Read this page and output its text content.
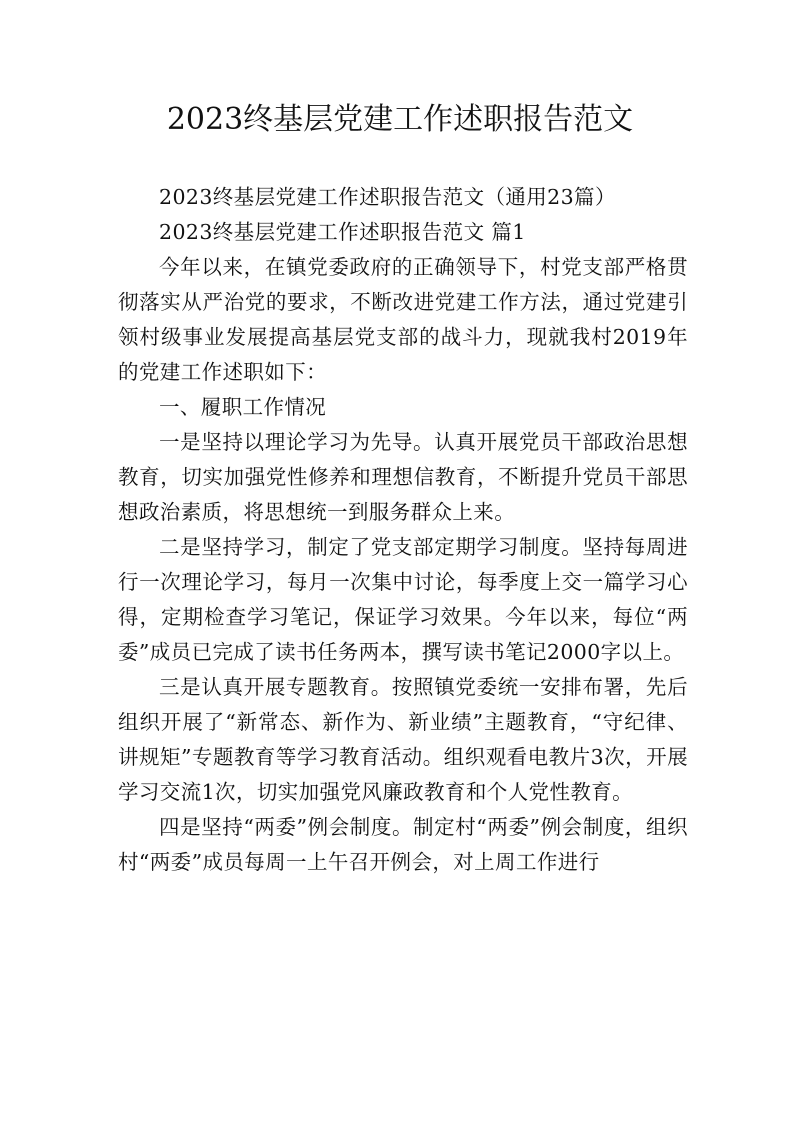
2023终基层党建工作述职报告范文

2023终基层党建工作述职报告范文（通用23篇）

2023终基层党建工作述职报告范文 篇1

今年以来，在镇党委政府的正确领导下，村党支部严格贯彻落实从严治党的要求，不断改进党建工作方法，通过党建引领村级事业发展提高基层党支部的战斗力，现就我村2019年的党建工作述职如下：

一、履职工作情况

一是坚持以理论学习为先导。认真开展党员干部政治思想教育，切实加强党性修养和理想信教育，不断提升党员干部思想政治素质，将思想统一到服务群众上来。

二是坚持学习，制定了党支部定期学习制度。坚持每周进行一次理论学习，每月一次集中讨论，每季度上交一篇学习心得，定期检查学习笔记，保证学习效果。今年以来，每位“两委”成员已完成了读书任务两本，撰写读书笔记2000字以上。

三是认真开展专题教育。按照镇党委统一安排布署，先后组织开展了“新常态、新作为、新业绩”主题教育，“守纪律、讲规矩”专题教育等学习教育活动。组织观看电教片3次，开展学习交流1次，切实加强党风廉政教育和个人党性教育。

四是坚持“两委”例会制度。制定村“两委”例会制度，组织村“两委”成员每周一上午召开例会，对上周工作进行
